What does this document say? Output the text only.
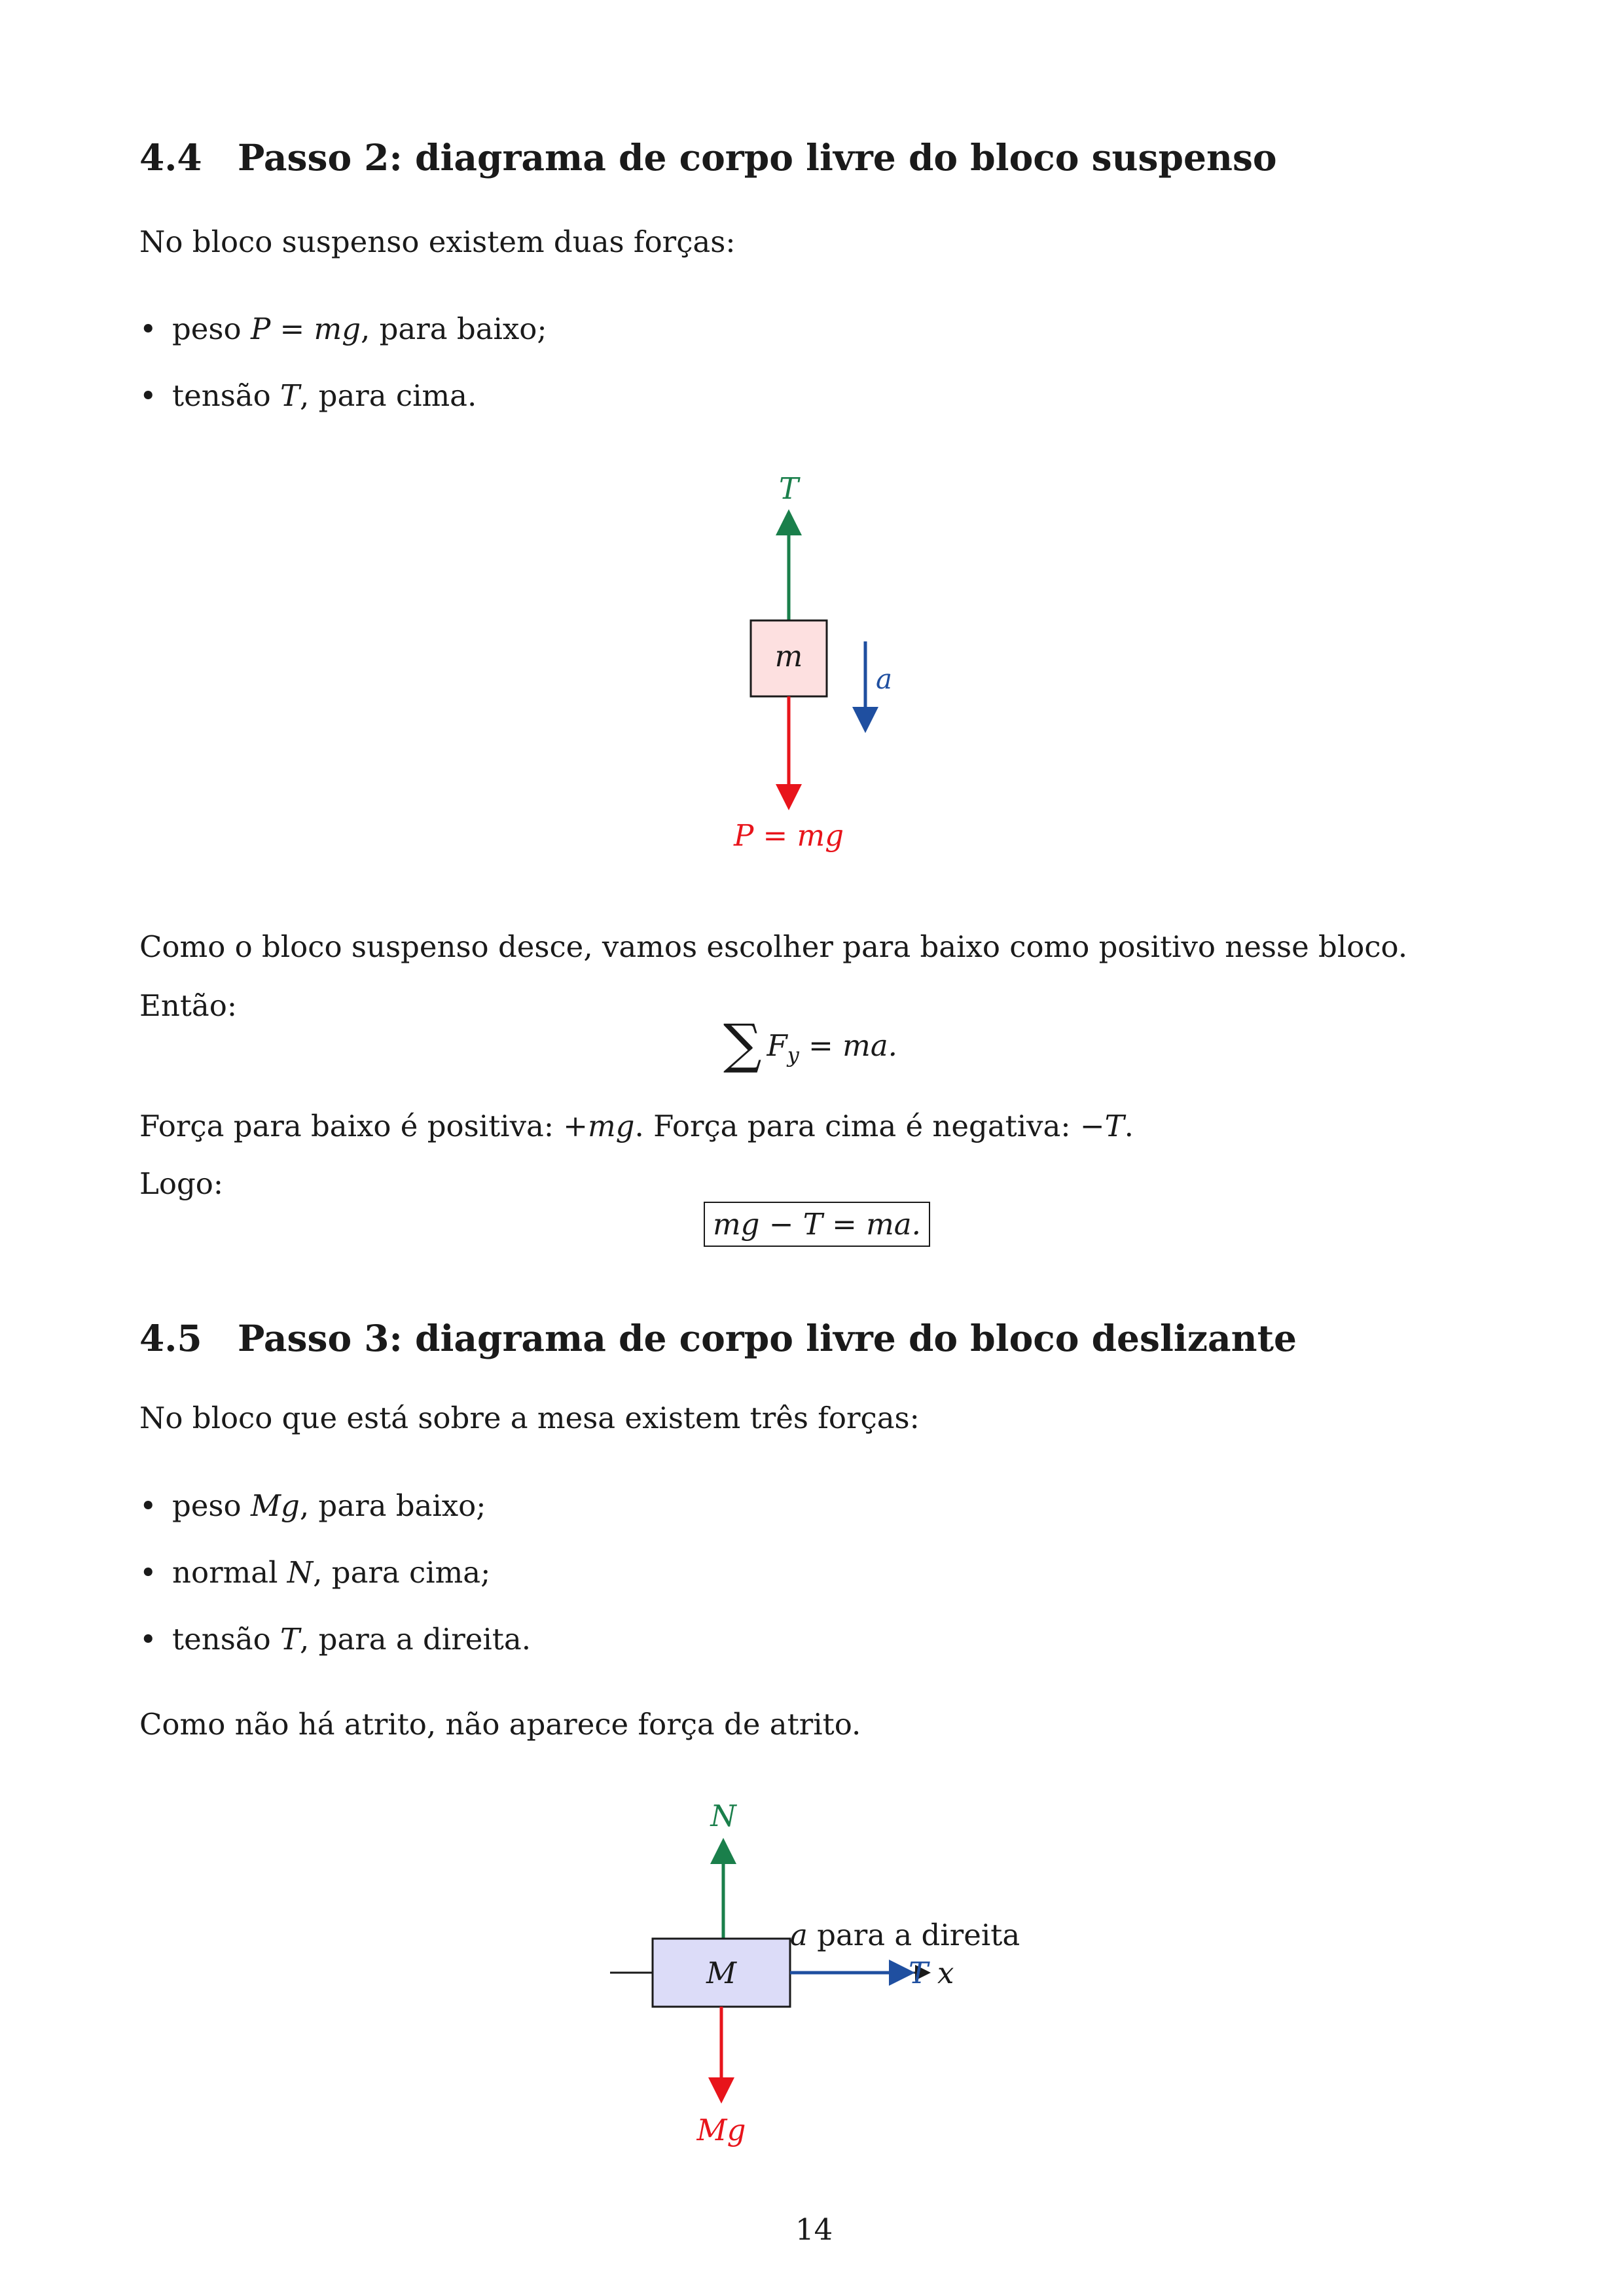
4.4 Passo 2: diagrama de corpo livre do bloco suspenso

No bloco suspenso existem duas forças:

• peso P = mg, para baixo;
• tensão T, para cima.
T
m
P = mg
a

Como o bloco suspenso desce, vamos escolher para baixo como positivo nesse bloco.

Então:

∑ $F_y$ = ma.

Força para baixo é positiva: +mg. Força para cima é negativa: −T.

Logo:

mg − T = ma.
4.5 Passo 3: diagrama de corpo livre do bloco deslizante

No bloco que está sobre a mesa existem três forças:

• peso Mg, para baixo;
• normal N, para cima;
• tensão T, para a direita.

Como não há atrito, não aparece força de atrito.

N
M	T x
a para a direita
Mg
14
